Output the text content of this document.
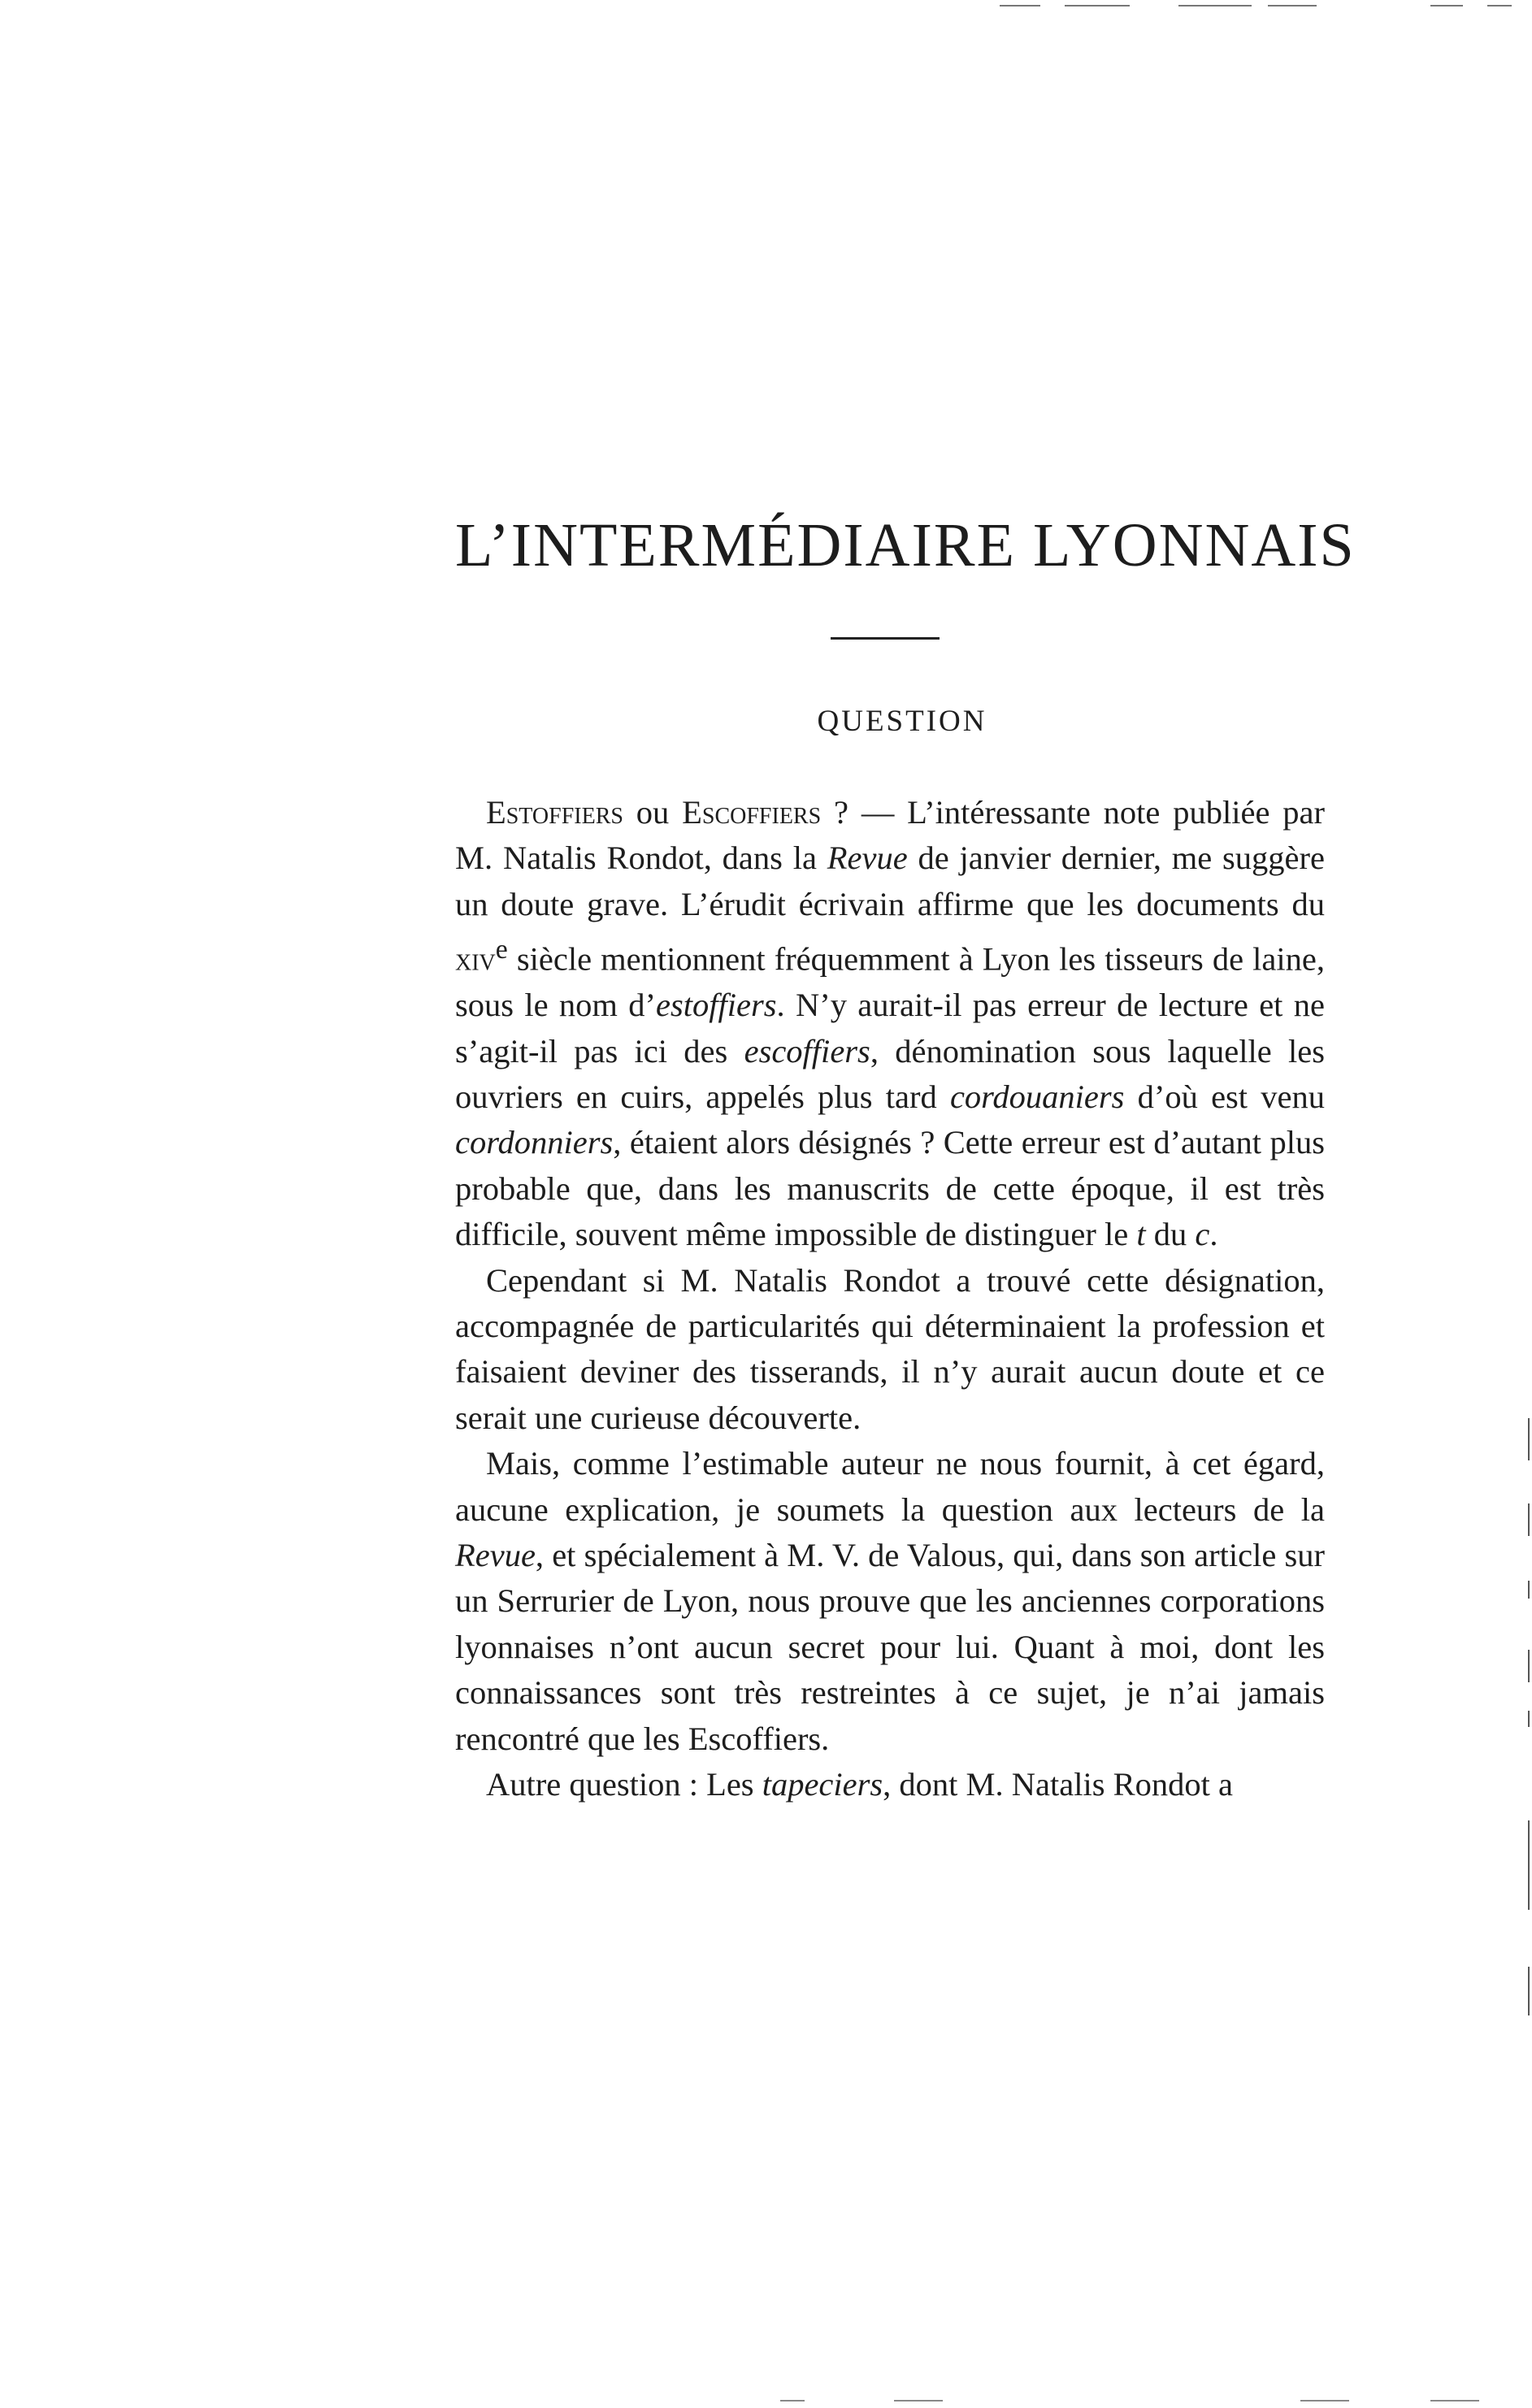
L’INTERMÉDIAIRE LYONNAIS
QUESTION

Estoffiers ou Escoffiers ? — L’intéressante note publiée par M. Natalis Rondot, dans la Revue de janvier dernier, me suggère un doute grave. L’érudit écrivain affirme que les documents du xiv$^e$ siècle mentionnent fréquemment à Lyon les tisseurs de laine, sous le nom d’estoffiers. N’y aurait-il pas erreur de lecture et ne s’agit-il pas ici des escoffiers, dénomination sous laquelle les ouvriers en cuirs, appelés plus tard cordouaniers d’où est venu cordonniers, étaient alors désignés ? Cette erreur est d’autant plus probable que, dans les manuscrits de cette époque, il est très difficile, souvent même impossible de distinguer le t du c.

Cependant si M. Natalis Rondot a trouvé cette désignation, accompagnée de particularités qui déterminaient la profession et faisaient deviner des tisserands, il n’y aurait aucun doute et ce serait une curieuse découverte.

Mais, comme l’estimable auteur ne nous fournit, à cet égard, aucune explication, je soumets la question aux lecteurs de la Revue, et spécialement à M. V. de Valous, qui, dans son article sur un Serrurier de Lyon, nous prouve que les anciennes corporations lyonnaises n’ont aucun secret pour lui. Quant à moi, dont les connaissances sont très restreintes à ce sujet, je n’ai jamais rencontré que les Escoffiers.

Autre question : Les tapeciers, dont M. Natalis Rondot a
